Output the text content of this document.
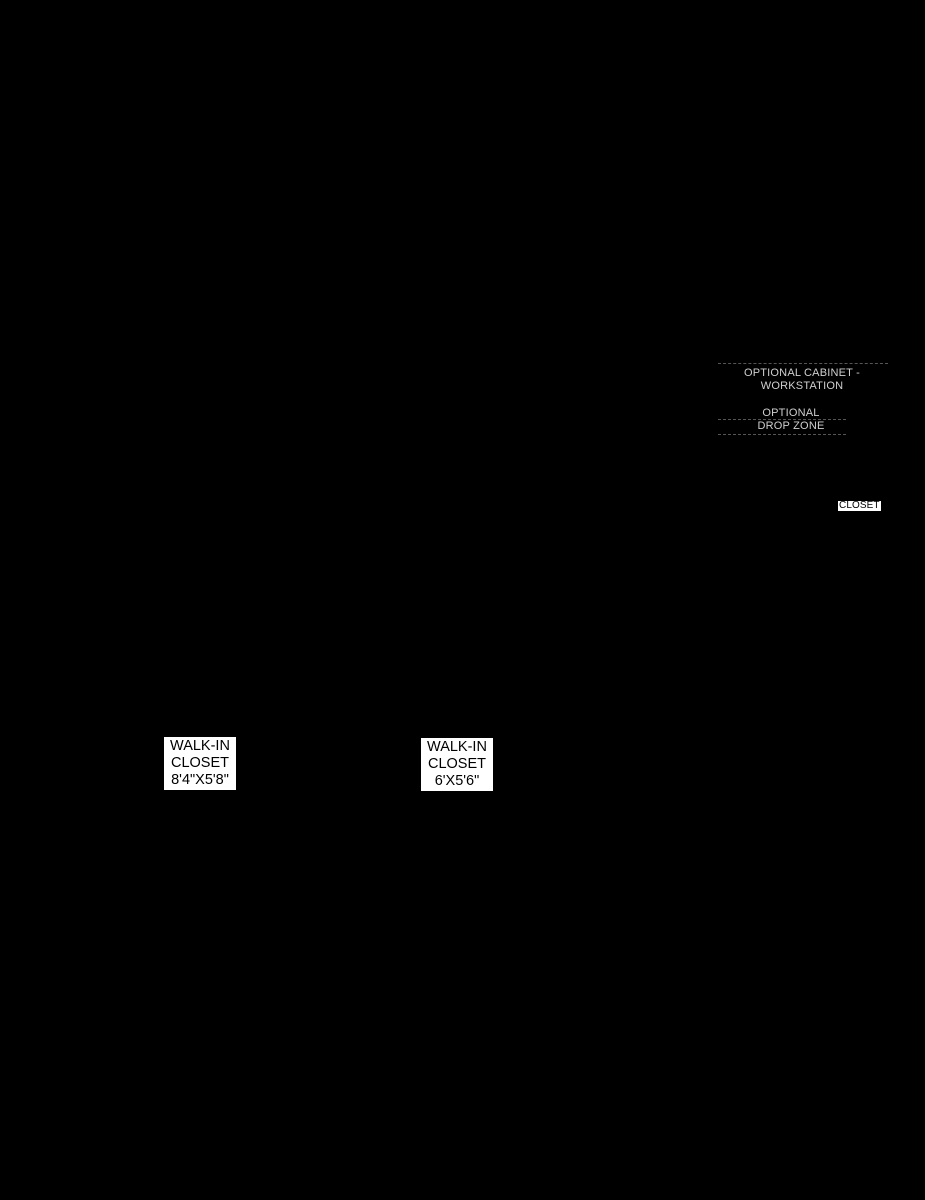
OPTIONAL CABINET -
WORKSTATION
OPTIONAL
DROP ZONE
CLOSET
WALK-IN
CLOSET
8'4"X5'8"
WALK-IN
CLOSET
6'X5'6"
